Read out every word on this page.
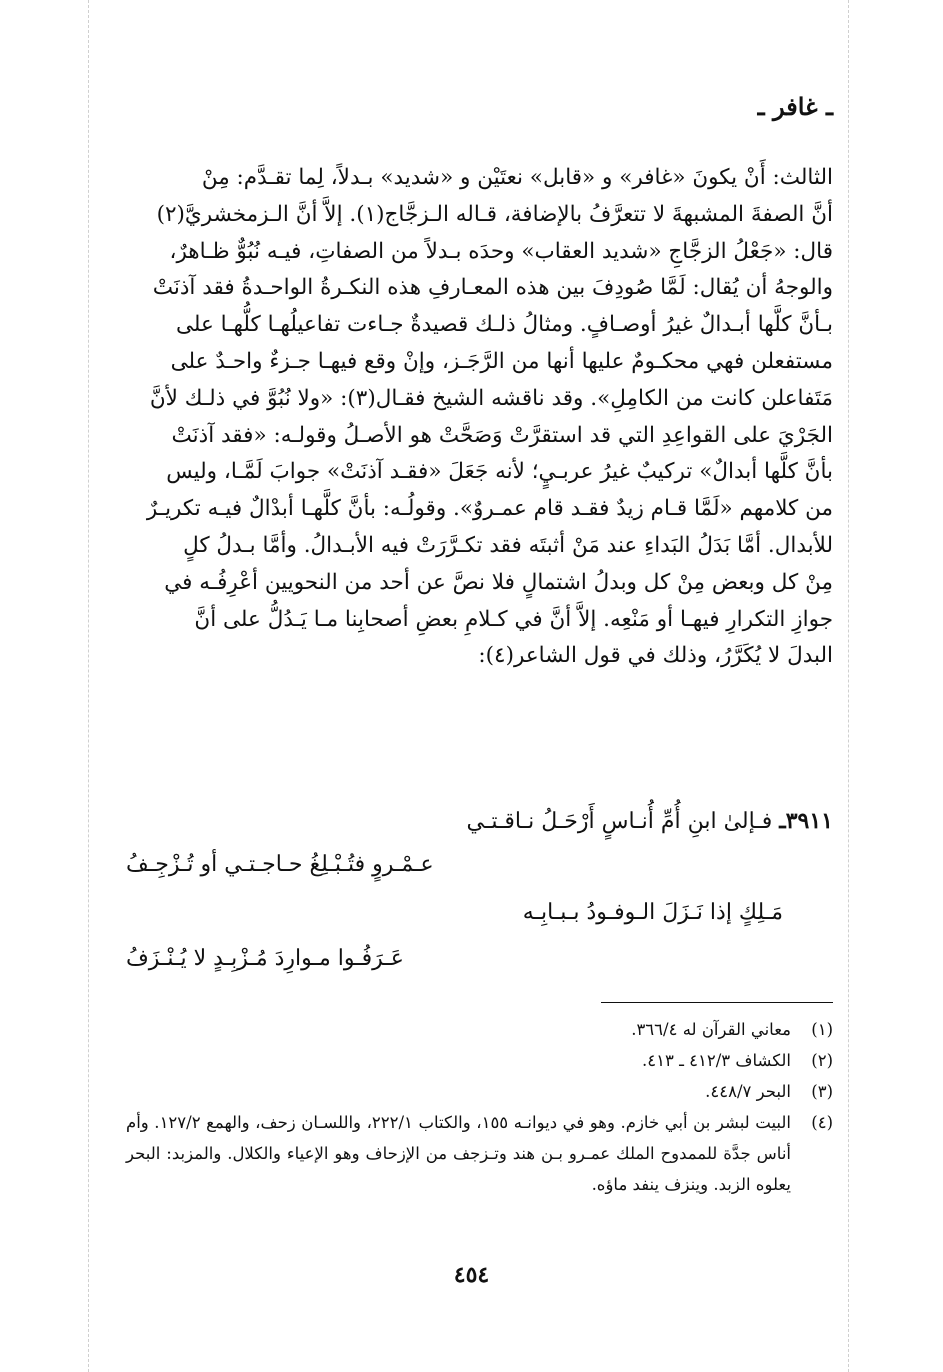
ـ غافر ـ

الثالث: أَنْ يكونَ «غافر» و «قابل» نعتَيْن و «شديد» بـدلاً، لِما تقـدَّم: مِنْ

أنَّ الصفةَ المشبهةَ لا تتعرَّفُ بالإضافة، قـاله الـزجَّاج(١). إلاَّ أنَّ الـزمخشريَّ(٢)

قال: «جَعْلُ الزجَّاجِ «شديد العقاب» وحدَه بـدلاً من الصفاتِ، فيـه نُبُوٌّ ظـاهرٌ،

والوجهُ أن يُقال: لَمَّا صُودِفَ بين هذه المعـارفِ هذه النكـرةُ الواحـدةُ فقد آذنَتْ

بـأنَّ كلَّها أبـدالٌ غيرُ أوصـافٍ. ومثالُ ذلـك قصيدةٌ جـاءت تفاعيلُهـا كلُّهـا على

مستفعلن فهي محكـومٌ عليها أنها من الرَّجَـز، وإنْ وقع فيهـا جـزءٌ واحـدٌ على

مَتَفاعلن كانت من الكامِلِ». وقد ناقشه الشيخ فقـال(٣): «ولا نُبُوَّ في ذلـك لأنَّ

الجَرْيَ على القواعِدِ التي قد استقرَّتْ وَصَحَّتْ هو الأصـلُ وقولـه: «فقد آذنَتْ

بأنَّ كلَّها أبدالٌ» تركيبٌ غيرُ عربـيٍ؛ لأنه جَعَلَ «فقـد آذنَتْ» جوابَ لَمَّـا، وليس

من كلامهم «لَمَّا قـام زيدٌ فقـد قام عمـروٌ». وقولُـه: بأنَّ كلَّهـا أبدْالٌ فيـه تكريـرٌ

للأبدال. أمَّا بَدَلُ البَداءِ عند مَنْ أثبتَه فقد تكـرَّرَتْ فيه الأبـدالُ. وأمَّا بـدلُ كلٍ

مِنْ كل وبعض مِنْ كل وبدلُ اشتمالٍ فلا نصَّ عن أحد من النحويين أعْرِفُـه في

جوازِ التكرارِ فيهـا أو مَنْعِه. إلاَّ أنَّ في كـلامِ بعضِ أصحابِنا مـا يَـدُلُّ على أنَّ

البدلَ لا يُكَرَّرُ، وذلك في قول الشاعر(٤):

٣٩١١ـ فـإلىٰ ابنِ أُمِّ أُنـاسٍ أَرْحَـلُ نـاقـتـي
عـمْـروٍ فتُـبْـلِغُ حـاجـتـي أو تُـزْجِـفُ
مَـلِكٍ إذا نَـزَلَ الـوفـودُ بـبـابِـه
عَـرَفُـوا مـوارِدَ مُـزْبِـدٍ لا يُـنْـزَفُ
(١)
معاني القرآن له ٣٦٦/٤.
(٢)
الكشاف ٤١٢/٣ ـ ٤١٣.
(٣)
البحر ٤٤٨/٧.
(٤)
البيت لبشر بن أبي خازم. وهو في ديوانـه ١٥٥، والكتاب ٢٢٢/١، واللسـان زحف، والهمع ١٢٧/٢. وأم أناس جدَّة للممدوح الملك عمـرو بـن هند وتـزجف من الإزحاف وهو الإعياء والكلال. والمزبد: البحر يعلوه الزبد. وينزف ينفد ماؤه.
٤٥٤
